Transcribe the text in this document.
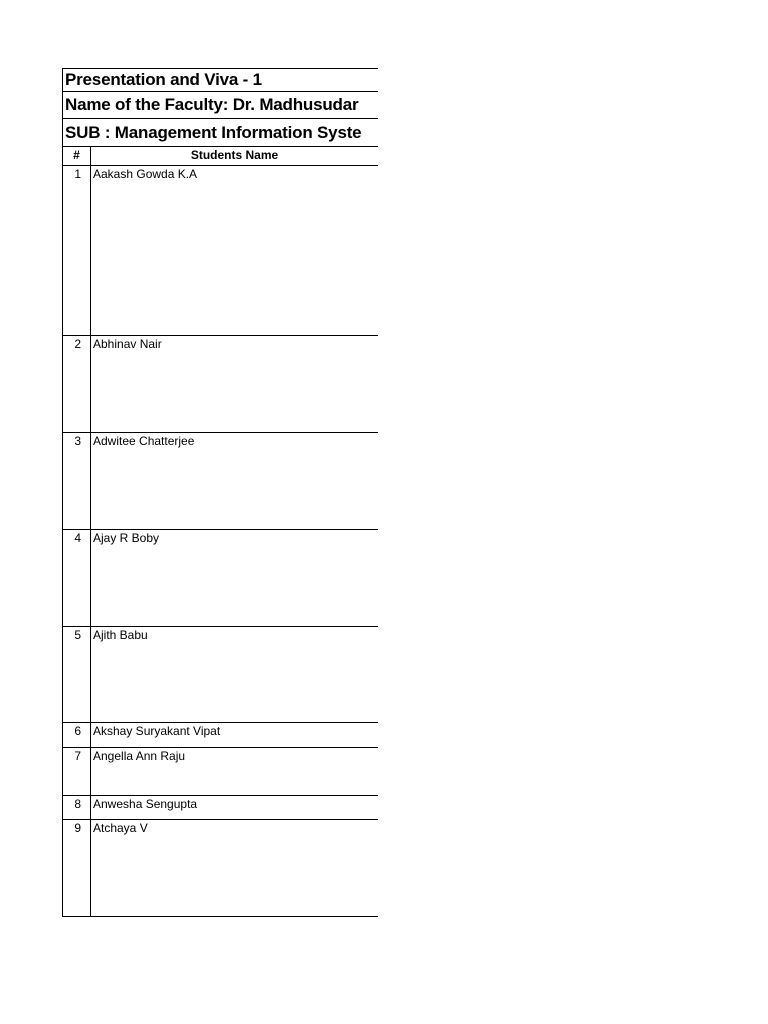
Presentation and Viva - 1
Name of the Faculty: Dr. Madhusudar
SUB : Management Information Syste
#	Students Name
1	Aakash Gowda K.A
2	Abhinav Nair
3	Adwitee Chatterjee
4	Ajay R Boby
5	Ajith Babu
6	Akshay Suryakant Vipat
7	Angella Ann Raju
8	Anwesha Sengupta
9	Atchaya V
